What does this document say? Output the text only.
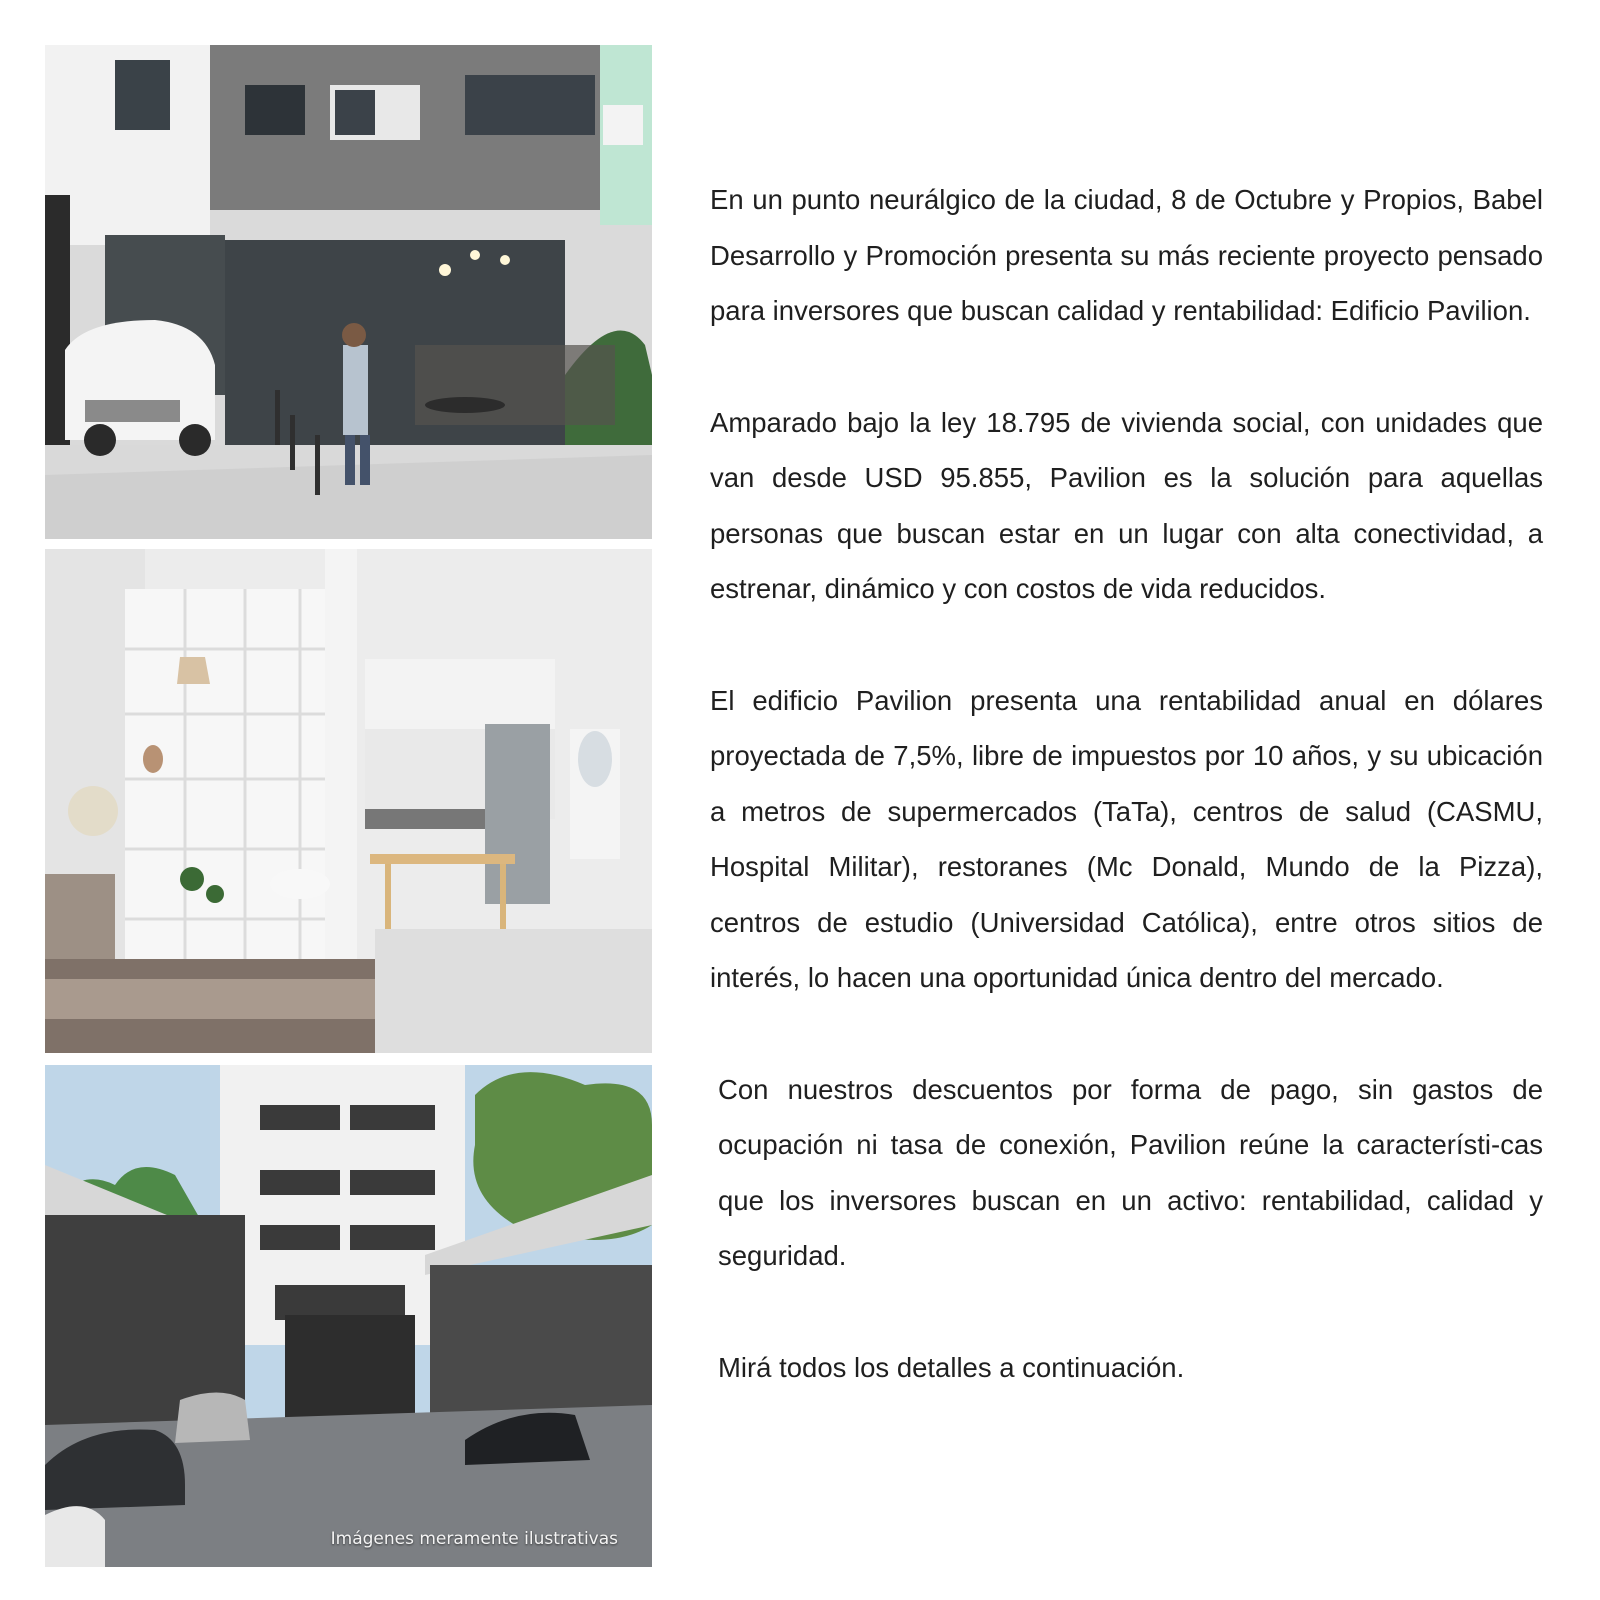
Imágenes meramente ilustrativas

En un punto neurálgico de la ciudad, 8 de Octubre y Propios, Babel Desarrollo y Promoción presenta su más reciente proyecto pensado para inversores que buscan calidad y rentabilidad: Edificio Pavilion.

Amparado bajo la ley 18.795 de vivienda social, con unidades que van desde USD 95.855, Pavilion es la solución para aquellas personas que buscan estar en un lugar con alta conectividad, a estrenar, dinámico y con costos de vida reducidos.

El edificio Pavilion presenta una rentabilidad anual en dólares proyectada de 7,5%, libre de impuestos por 10 años, y su ubicación a metros de supermercados (TaTa), centros de salud (CASMU, Hospital Militar), restoranes (Mc Donald, Mundo de la Pizza), centros de estudio (Universidad Católica), entre otros sitios de interés, lo hacen una oportunidad única dentro del mercado.

Con nuestros descuentos por forma de pago, sin gastos de ocupación ni tasa de conexión, Pavilion reúne la característi-cas que los inversores buscan en un activo: rentabilidad, calidad y seguridad.

Mirá todos los detalles a continuación.
